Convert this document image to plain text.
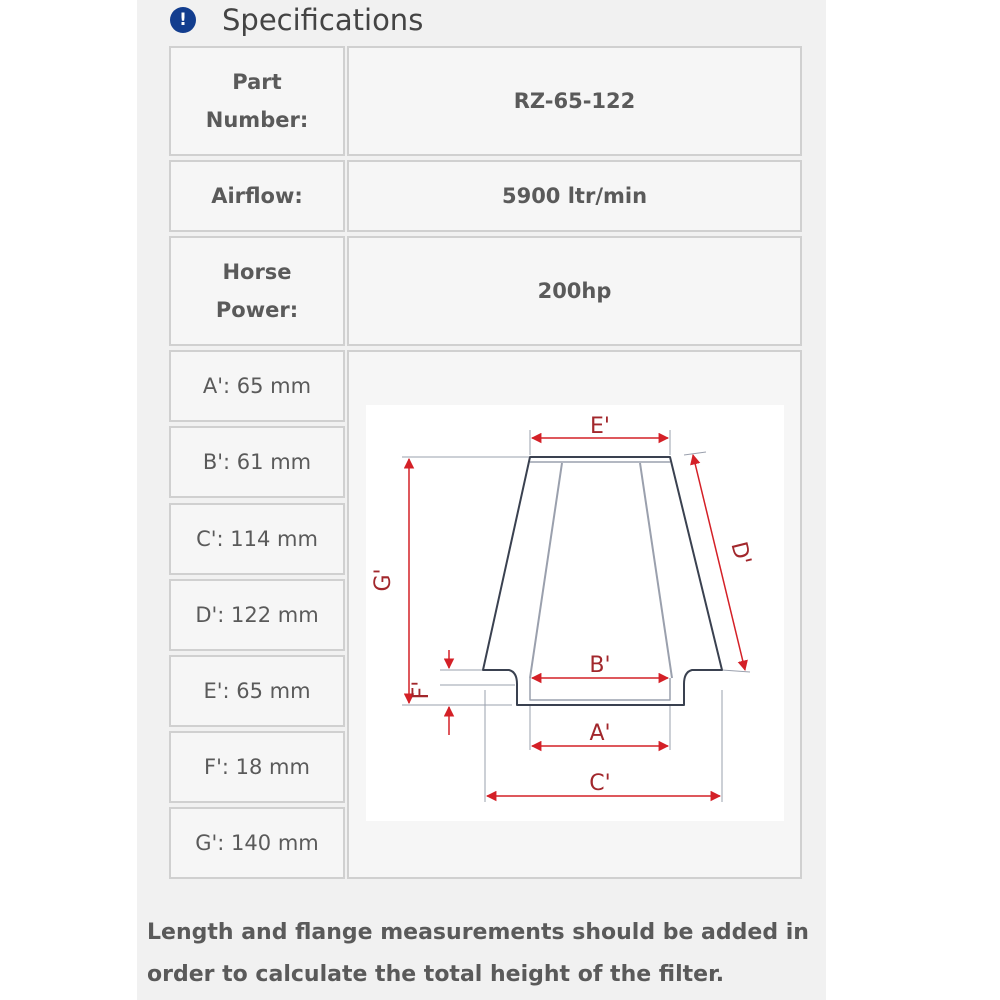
!	Specifications
Part
Number:
RZ-65-122
Airflow:	5900 ltr/min
Horse
Power:
200hp
A': 65 mm
B': 61 mm
C': 114 mm
D': 122 mm
E': 65 mm
F': 18 mm
G': 140 mm
E'
B'
A'
C'
G'
F'
D'
Length and flange measurements should be added in order to calculate the total height of the filter.
